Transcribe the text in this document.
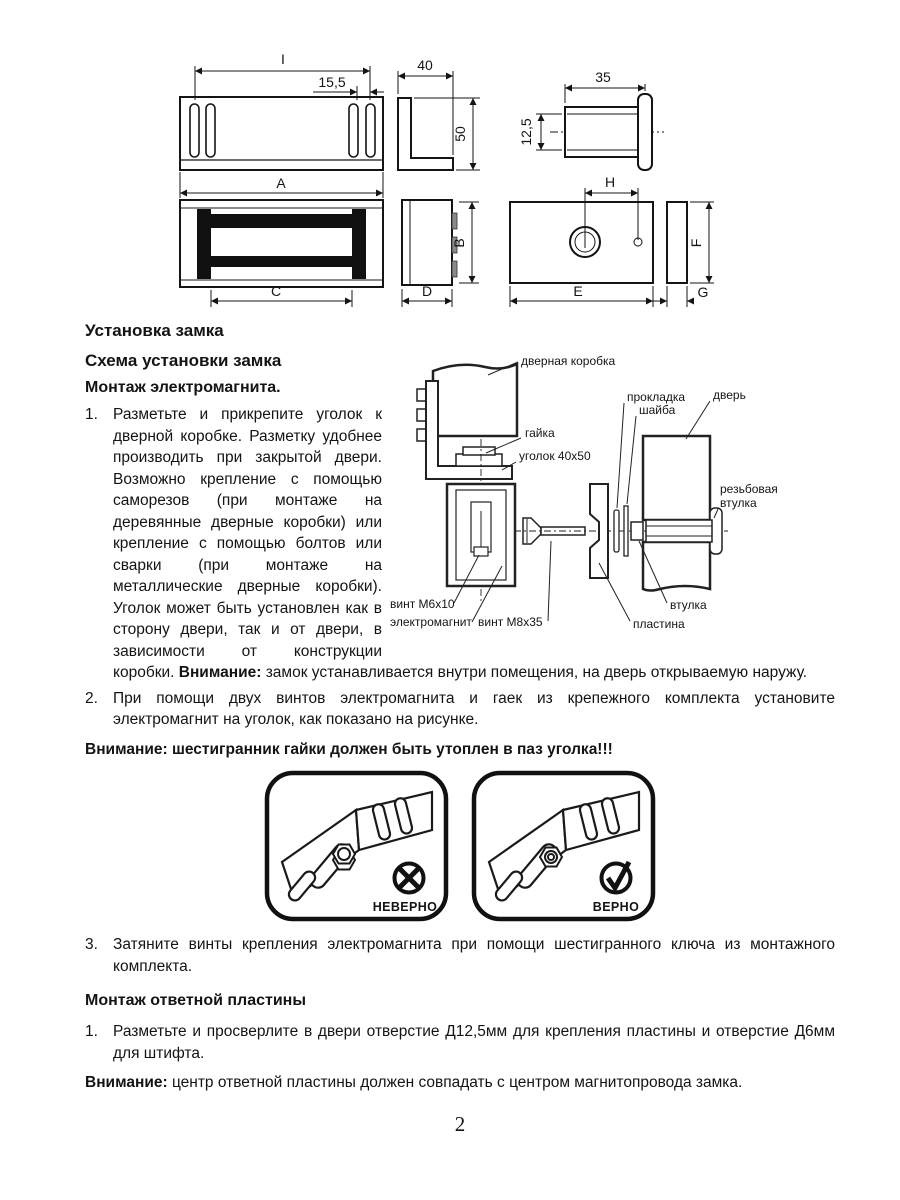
I
15,5
A
40
50
C
B
D
35
12,5
H
E
F
G
Установка замка
дверная коробка
гайка
уголок 40x50
винт М6х10
электромагнит винт М8х35
прокладка
шайба
дверь
резьбовая
втулка
втулка
пластина
Схема установки замка
Монтаж электромагнита.
1. Разметьте и прикрепите уголок к дверной коробке. Разметку удобнее производить при закрытой двери. Возможно крепление с помощью саморезов (при монтаже на деревянные дверные коробки) или крепление с помощью болтов или сварки (при монтаже на металлические дверные коробки). Уголок может быть установлен как в сторону двери, так и от двери, в зависимости от конструкции коробки. Внимание: замок устанавливается внутри помещения, на дверь открываемую наружу.
2. При помощи двух винтов электромагнита и гаек из крепежного комплекта установите электромагнит на уголок, как показано на рисунке.

Внимание: шестигранник гайки должен быть утоплен в паз уголка!!!

НЕВЕРНО	ВЕРНО
3. Затяните винты крепления электромагнита при помощи шестигранного ключа из монтажного комплекта.
Монтаж ответной пластины
1. Разметьте и просверлите в двери отверстие Д12,5мм для крепления пластины и отверстие Д6мм для штифта.

Внимание: центр ответной пластины должен совпадать с центром магнитопровода замка.

2
